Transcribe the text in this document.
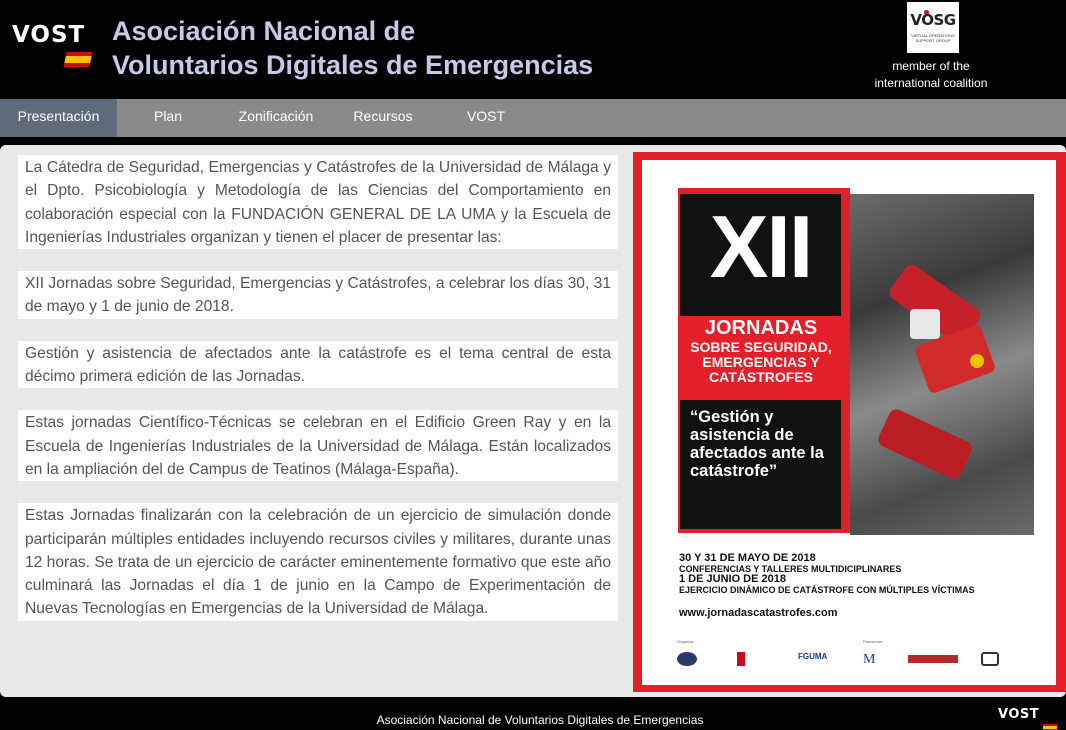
VOST Asociación Nacional de
Voluntarios Digitales de Emergencias
VOSG
VIRTUAL OPERATIONS SUPPORT GROUP
member of the
international coalition
Presentación	Plan	Zonificación	Recursos	VOST

La Cátedra de Seguridad, Emergencias y Catástrofes de la Universidad de Málaga y el Dpto. Psicobiología y Metodología de las Ciencias del Comportamiento en colaboración especial con la FUNDACIÓN GENERAL DE LA UMA y la Escuela de Ingenierías Industriales organizan y tienen el placer de presentar las:

XII Jornadas sobre Seguridad, Emergencias y Catástrofes, a celebrar los días 30, 31 de mayo y 1 de junio de 2018.

Gestión y asistencia de afectados ante la catástrofe es el tema central de esta décimo primera edición de las Jornadas.

Estas jornadas Científico-Técnicas se celebran en el Edificio Green Ray y en la Escuela de Ingenierías Industriales de la Universidad de Málaga. Están localizados en la ampliación del de Campus de Teatinos (Málaga-España).

Estas Jornadas finalizarán con la celebración de un ejercicio de simulación donde participarán múltiples entidades incluyendo recursos civiles y militares, durante unas 12 horas. Se trata de un ejercicio de carácter eminentemente formativo que este año culminará las Jornadas el día 1 de junio en la Campo de Experimentación de Nuevas Tecnologías en Emergencias de la Universidad de Málaga.

XII
JORNADAS
SOBRE SEGURIDAD,
EMERGENCIAS Y
CATÁSTROFES
“Gestión y asistencia de afectados ante la catástrofe”
30 Y 31 DE MAYO DE 2018
CONFERENCIAS Y TALLERES MULTIDICIPLINARES
1 DE JUNIO DE 2018
EJERCICIO DINÁMICO DE CATÁSTROFE CON MÚLTIPLES VÍCTIMAS
www.jornadascatastrofes.com
Organiza:	Patrocinan:
FGUMA	M
Asociación Nacional de Voluntarios Digitales de Emergencias	VOST
